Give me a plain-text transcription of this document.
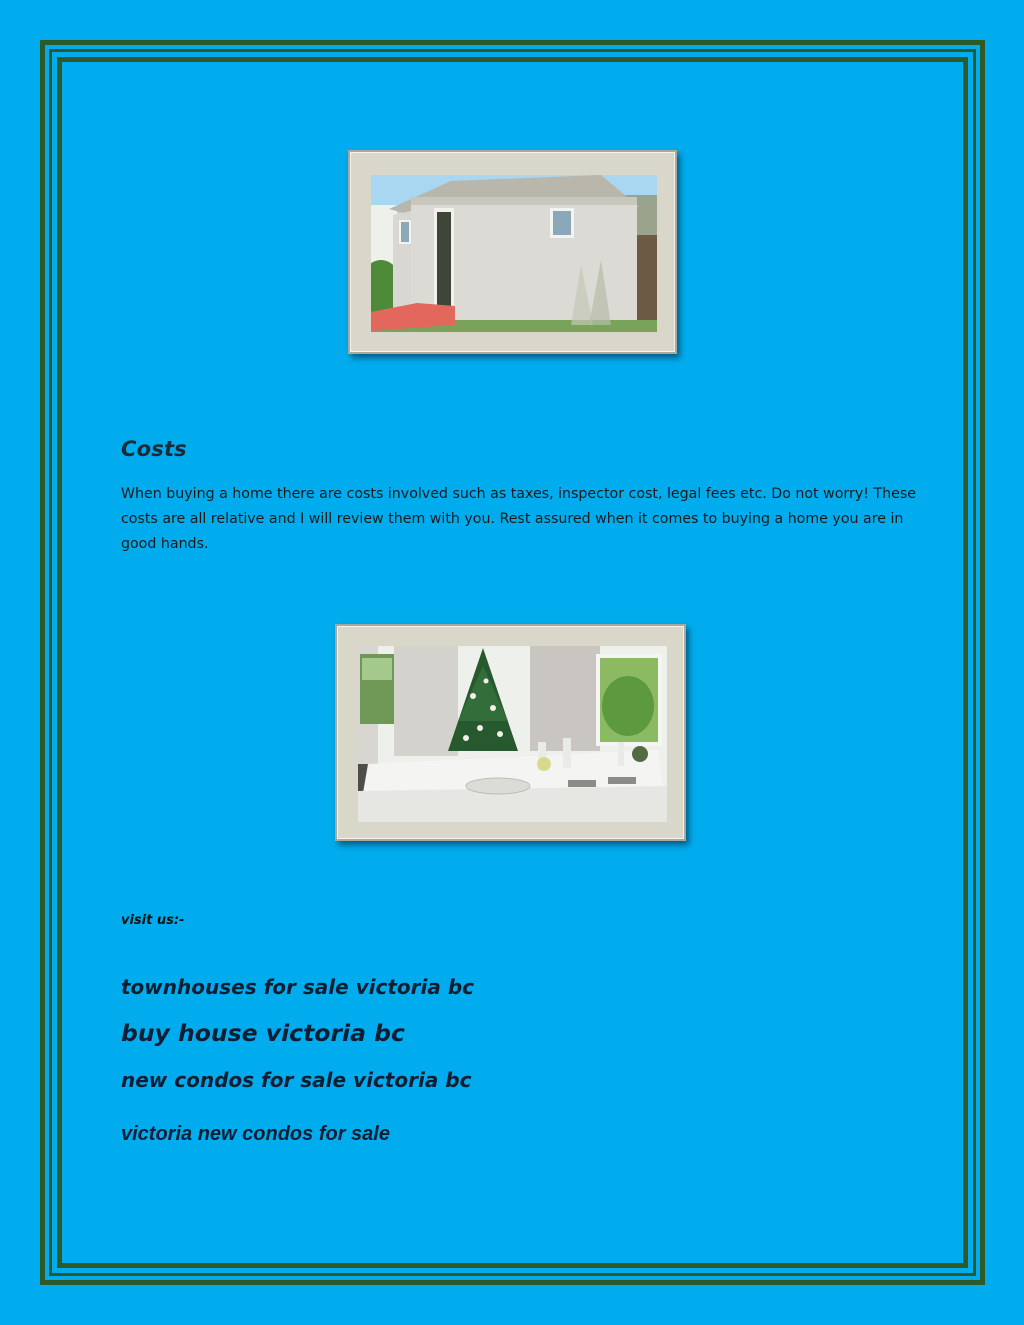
Costs

When buying a home there are costs involved such as taxes, inspector cost, legal fees etc. Do not worry! These costs are all relative and I will review them with you. Rest assured when it comes to buying a home you are in good hands.

visit us:-

townhouses for sale victoria bc
buy house victoria bc
new condos for sale victoria bc
victoria new condos for sale
